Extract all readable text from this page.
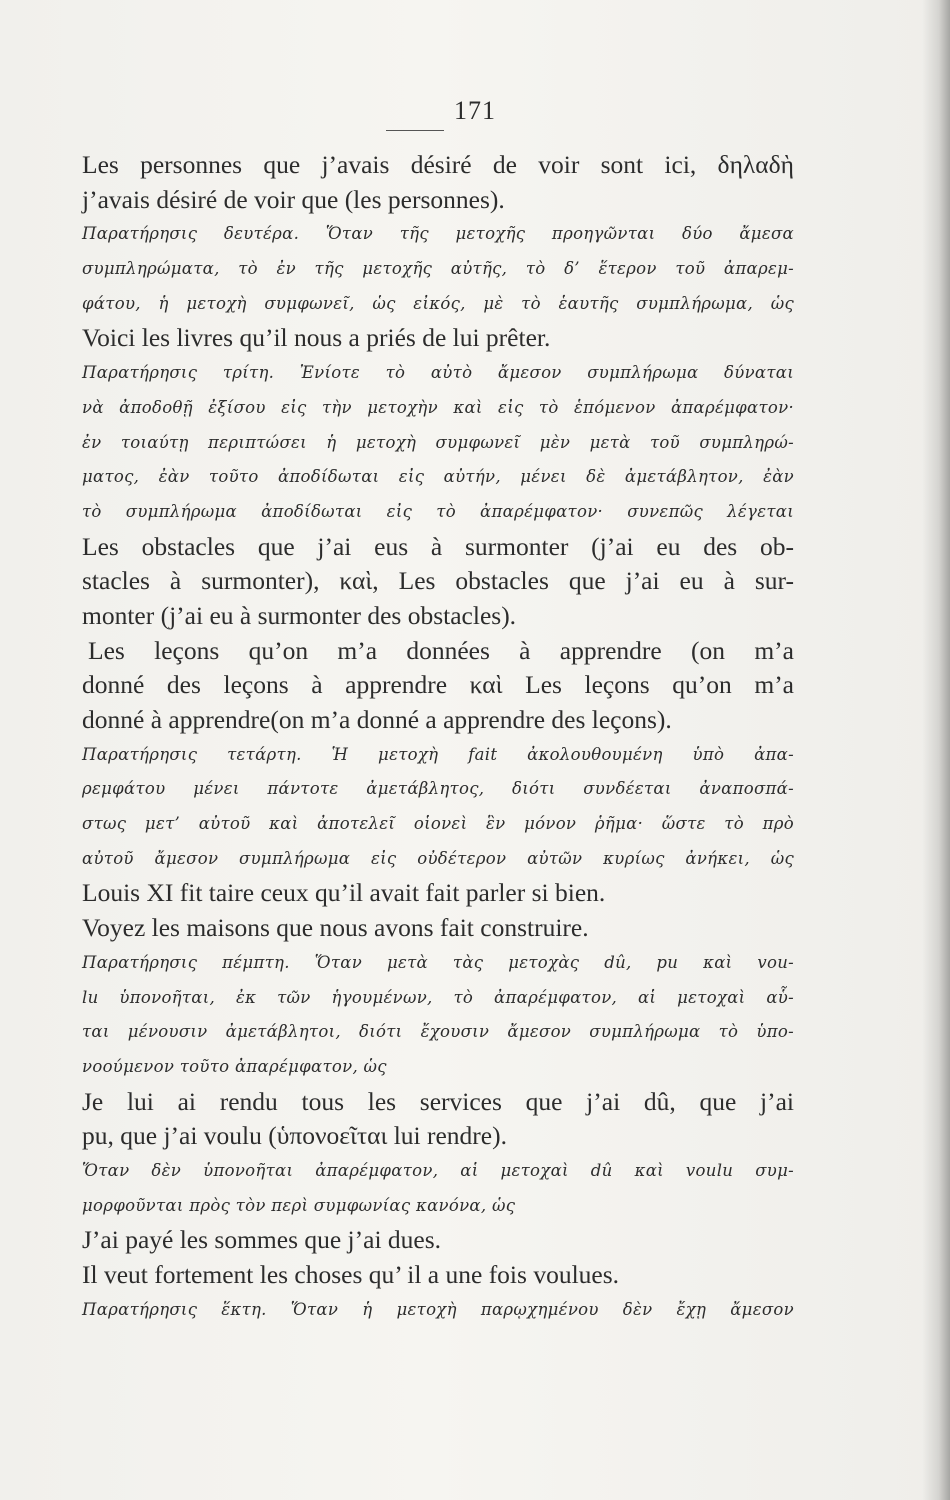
171
Les personnes que j’avais désiré de voir sont ici, δηλαδὴ
j’avais désiré de voir que (les personnes).
Παρατήρησις δευτέρα. Ὅταν τῆς μετοχῆς προηγῶνται δύο ἄμεσα
συμπληρώματα, τὸ ἐν τῆς μετοχῆς αὐτῆς, τὸ δ’ ἕτερον τοῦ ἀπαρεμ-
φάτου, ἡ μετοχὴ συμφωνεῖ, ὡς εἰκός, μὲ τὸ ἑαυτῆς συμπλήρωμα, ὡς
Voici les livres qu’il nous a priés de lui prêter.
Παρατήρησις τρίτη. Ἐνίοτε τὸ αὐτὸ ἄμεσον συμπλήρωμα δύναται
νὰ ἀποδοθῇ ἐξίσου εἰς τὴν μετοχὴν καὶ εἰς τὸ ἑπόμενον ἀπαρέμφατον·
ἐν τοιαύτῃ περιπτώσει ἡ μετοχὴ συμφωνεῖ μὲν μετὰ τοῦ συμπληρώ-
ματος, ἐὰν τοῦτο ἀποδίδωται εἰς αὐτήν, μένει δὲ ἀμετάβλητον, ἐὰν
τὸ συμπλήρωμα ἀποδίδωται εἰς τὸ ἀπαρέμφατον· συνεπῶς λέγεται
Les obstacles que j’ai eus à surmonter (j’ai eu des ob-
stacles à surmonter), καὶ, Les obstacles que j’ai eu à sur-
monter (j’ai eu à surmonter des obstacles).
Les leçons qu’on m’a données à apprendre (on m’a
donné des leçons à apprendre καὶ Les leçons qu’on m’a
donné à apprendre(on m’a donné a apprendre des leçons).
Παρατήρησις τετάρτη. Ἡ μετοχὴ fait ἀκολουθουμένη ὑπὸ ἀπα-
ρεμφάτου μένει πάντοτε ἀμετάβλητος, διότι συνδέεται ἀναποσπά-
στως μετ’ αὐτοῦ καὶ ἀποτελεῖ οἱονεὶ ἓν μόνον ῥῆμα· ὥστε τὸ πρὸ
αὐτοῦ ἄμεσον συμπλήρωμα εἰς οὐδέτερον αὐτῶν κυρίως ἀνήκει, ὡς
Louis XI fit taire ceux qu’il avait fait parler si bien.
Voyez les maisons que nous avons fait construire.
Παρατήρησις πέμπτη. Ὅταν μετὰ τὰς μετοχὰς dû, pu καὶ vou-
lu ὑπονοῆται, ἐκ τῶν ἡγουμένων, τὸ ἀπαρέμφατον, αἱ μετοχαὶ αὗ-
ται μένουσιν ἀμετάβλητοι, διότι ἔχουσιν ἄμεσον συμπλήρωμα τὸ ὑπο-
νοούμενον τοῦτο ἀπαρέμφατον, ὡς
Je lui ai rendu tous les services que j’ai dû, que j’ai
pu, que j’ai voulu (ὑπονοεῖται lui rendre).
Ὅταν δὲν ὑπονοῆται ἀπαρέμφατον, αἱ μετοχαὶ dû καὶ voulu συμ-
μορφοῦνται πρὸς τὸν περὶ συμφωνίας κανόνα, ὡς
J’ai payé les sommes que j’ai dues.
Il veut fortement les choses qu’ il a une fois voulues.
Παρατήρησις ἕκτη. Ὅταν ἡ μετοχὴ παρῳχημένου δὲν ἔχῃ ἄμεσον
